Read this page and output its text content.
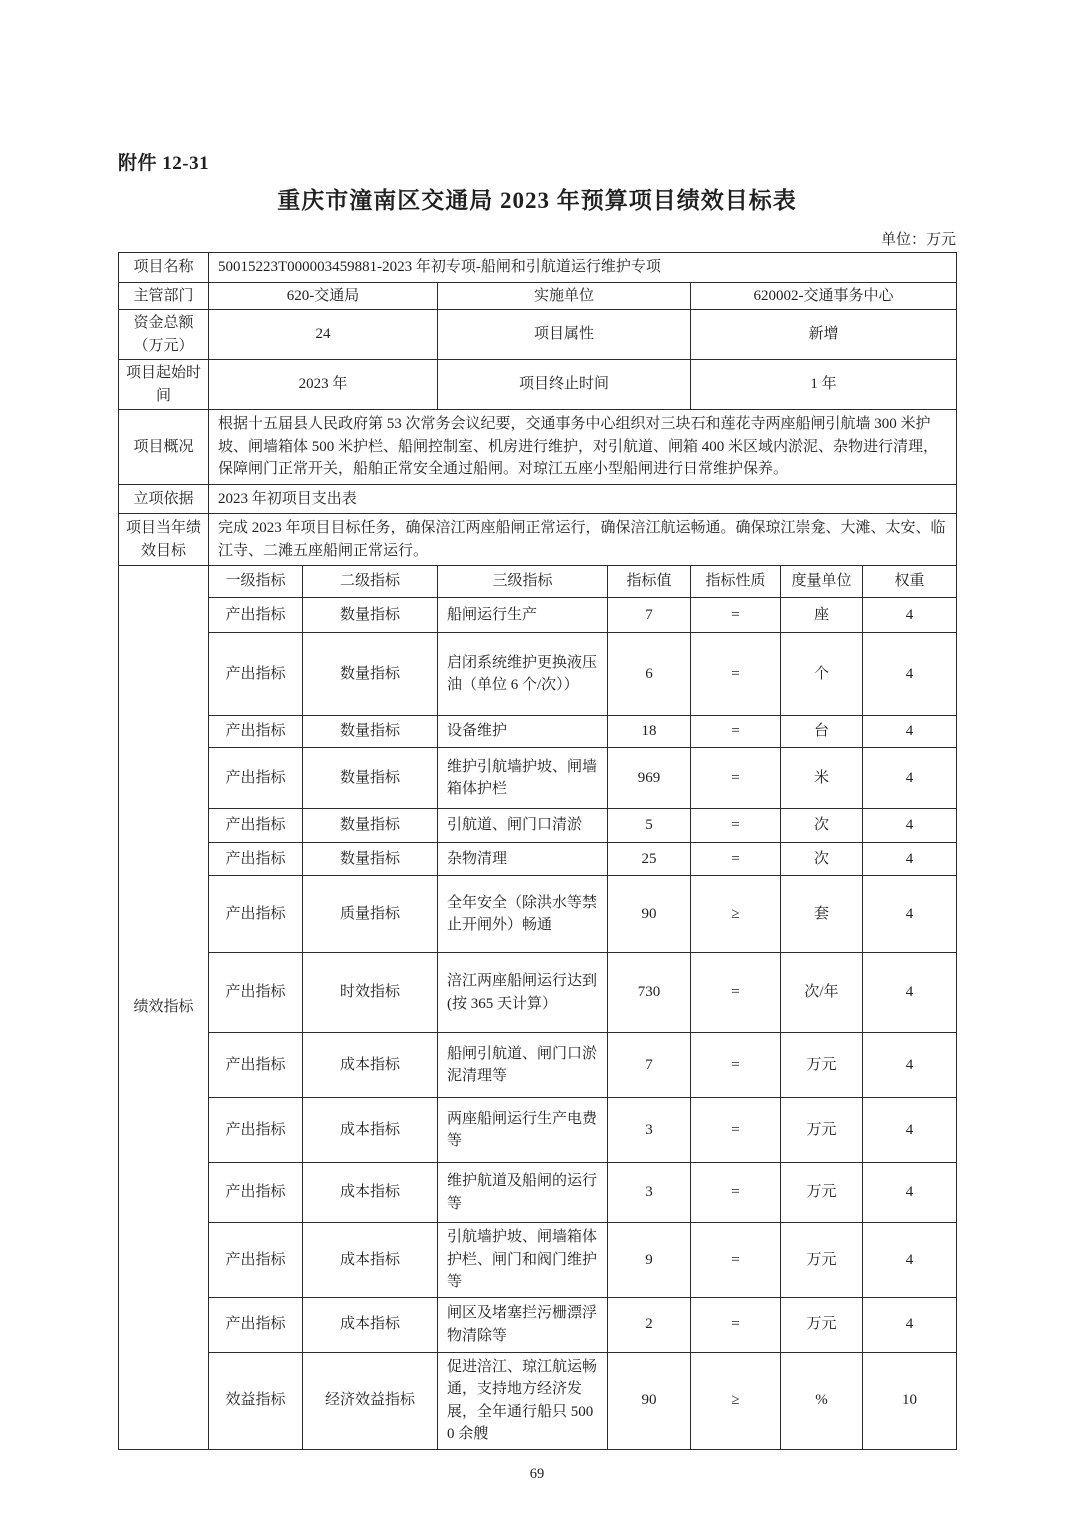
附件 12-31
重庆市潼南区交通局 2023 年预算项目绩效目标表
单位：万元
项目名称	50015223T000003459881-2023 年初专项-船闸和引航道运行维护专项						
主管部门	620-交通局		实施单位		620002-交通事务中心		
资金总额（万元）	24		项目属性		新增		
项目起始时间	2023 年		项目终止时间		1 年		
项目概况	根据十五届县人民政府第 53 次常务会议纪要，交通事务中心组织对三块石和莲花寺两座船闸引航墙 300 米护坡、闸墙箱体 500 米护栏、船闸控制室、机房进行维护，对引航道、闸箱 400 米区域内淤泥、杂物进行清理，保障闸门正常开关，船舶正常安全通过船闸。对琼江五座小型船闸进行日常维护保养。						
立项依据	2023 年初项目支出表						
项目当年绩效目标	完成 2023 年项目目标任务，确保涪江两座船闸正常运行，确保涪江航运畅通。确保琼江崇龛、大滩、太安、临江寺、二滩五座船闸正常运行。						
绩效指标	一级指标	二级指标	三级指标	指标值	指标性质	度量单位	权重
	产出指标	数量指标	船闸运行生产	7	=	座	4
	产出指标	数量指标	启闭系统维护更换液压油（单位 6 个/次））	6	=	个	4
	产出指标	数量指标	设备维护	18	=	台	4
	产出指标	数量指标	维护引航墙护坡、闸墙箱体护栏	969	=	米	4
	产出指标	数量指标	引航道、闸门口清淤	5	=	次	4
	产出指标	数量指标	杂物清理	25	=	次	4
	产出指标	质量指标	全年安全（除洪水等禁止开闸外）畅通	90	≥	套	4
	产出指标	时效指标	涪江两座船闸运行达到(按 365 天计算）	730	=	次/年	4
	产出指标	成本指标	船闸引航道、闸门口淤泥清理等	7	=	万元	4
	产出指标	成本指标	两座船闸运行生产电费等	3	=	万元	4
	产出指标	成本指标	维护航道及船闸的运行等	3	=	万元	4
	产出指标	成本指标	引航墙护坡、闸墙箱体护栏、闸门和阀门维护等	9	=	万元	4
	产出指标	成本指标	闸区及堵塞拦污栅漂浮物清除等	2	=	万元	4
	效益指标	经济效益指标	促进涪江、琼江航运畅通，支持地方经济发展，全年通行船只 5000 余艘	90	≥	%	10
69
